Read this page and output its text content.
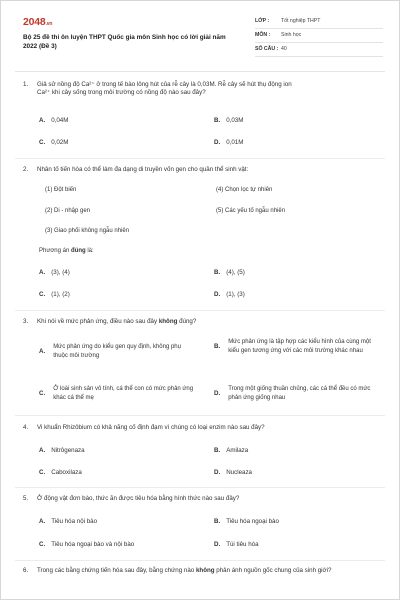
2048.vn
Bộ 25 đề thi ôn luyện THPT Quốc gia môn Sinh học có lời giải năm 2022 (Đề 3)
LỚP :	Tốt nghiệp THPT
MÔN :	Sinh học
SỐ CÂU : 40
1. Giả sử nồng độ Ca²⁺ ở trong tế bào lông hút của rễ cây là 0,03M. Rễ cây sẽ hút thụ động ion Ca²⁺ khi cây sống trong môi trường có nồng độ nào sau đây?
A. 0,04M	B. 0,03M
C. 0,02M	D. 0,01M
2. Nhân tố tiến hóa có thể làm đa dạng di truyền vốn gen cho quần thể sinh vật:
(1) Đột biến	(4) Chọn lọc tự nhiên
(2) Di - nhập gen	(5) Các yếu tố ngẫu nhiên
(3) Giao phối không ngẫu nhiên
Phương án đúng là:
A. (3), (4)	B. (4), (5)
C. (1), (2)	D. (1), (3)
3. Khi nói về mức phản ứng, điều nào sau đây không đúng?
A.
Mức phản ứng do kiểu gen quy định, không phụ thuộc môi trường
B.
Mức phản ứng là tập hợp các kiểu hình của cùng một kiểu gen tương ứng với các môi trường khác nhau
C.
Ở loài sinh sản vô tính, cá thể con có mức phản ứng khác cá thể mẹ
D.
Trong một giống thuần chủng, các cá thể đều có mức phản ứng giống nhau
4. Vi khuẩn Rhizôbium có khả năng cố định đạm vì chúng có loại enzim nào sau đây?
A. Nitrôgenaza	B. Amilaza
C. Caboxilaza	D. Nucleaza
5. Ở động vật đơn bào, thức ăn được tiêu hóa bằng hình thức nào sau đây?
A. Tiêu hóa nội bào	B. Tiêu hóa ngoại bào
C. Tiêu hóa ngoại bào và nội bào	D. Túi tiêu hóa
6. Trong các bằng chứng tiến hóa sau đây, bằng chứng nào không phản ánh nguồn gốc chung của sinh giới?
